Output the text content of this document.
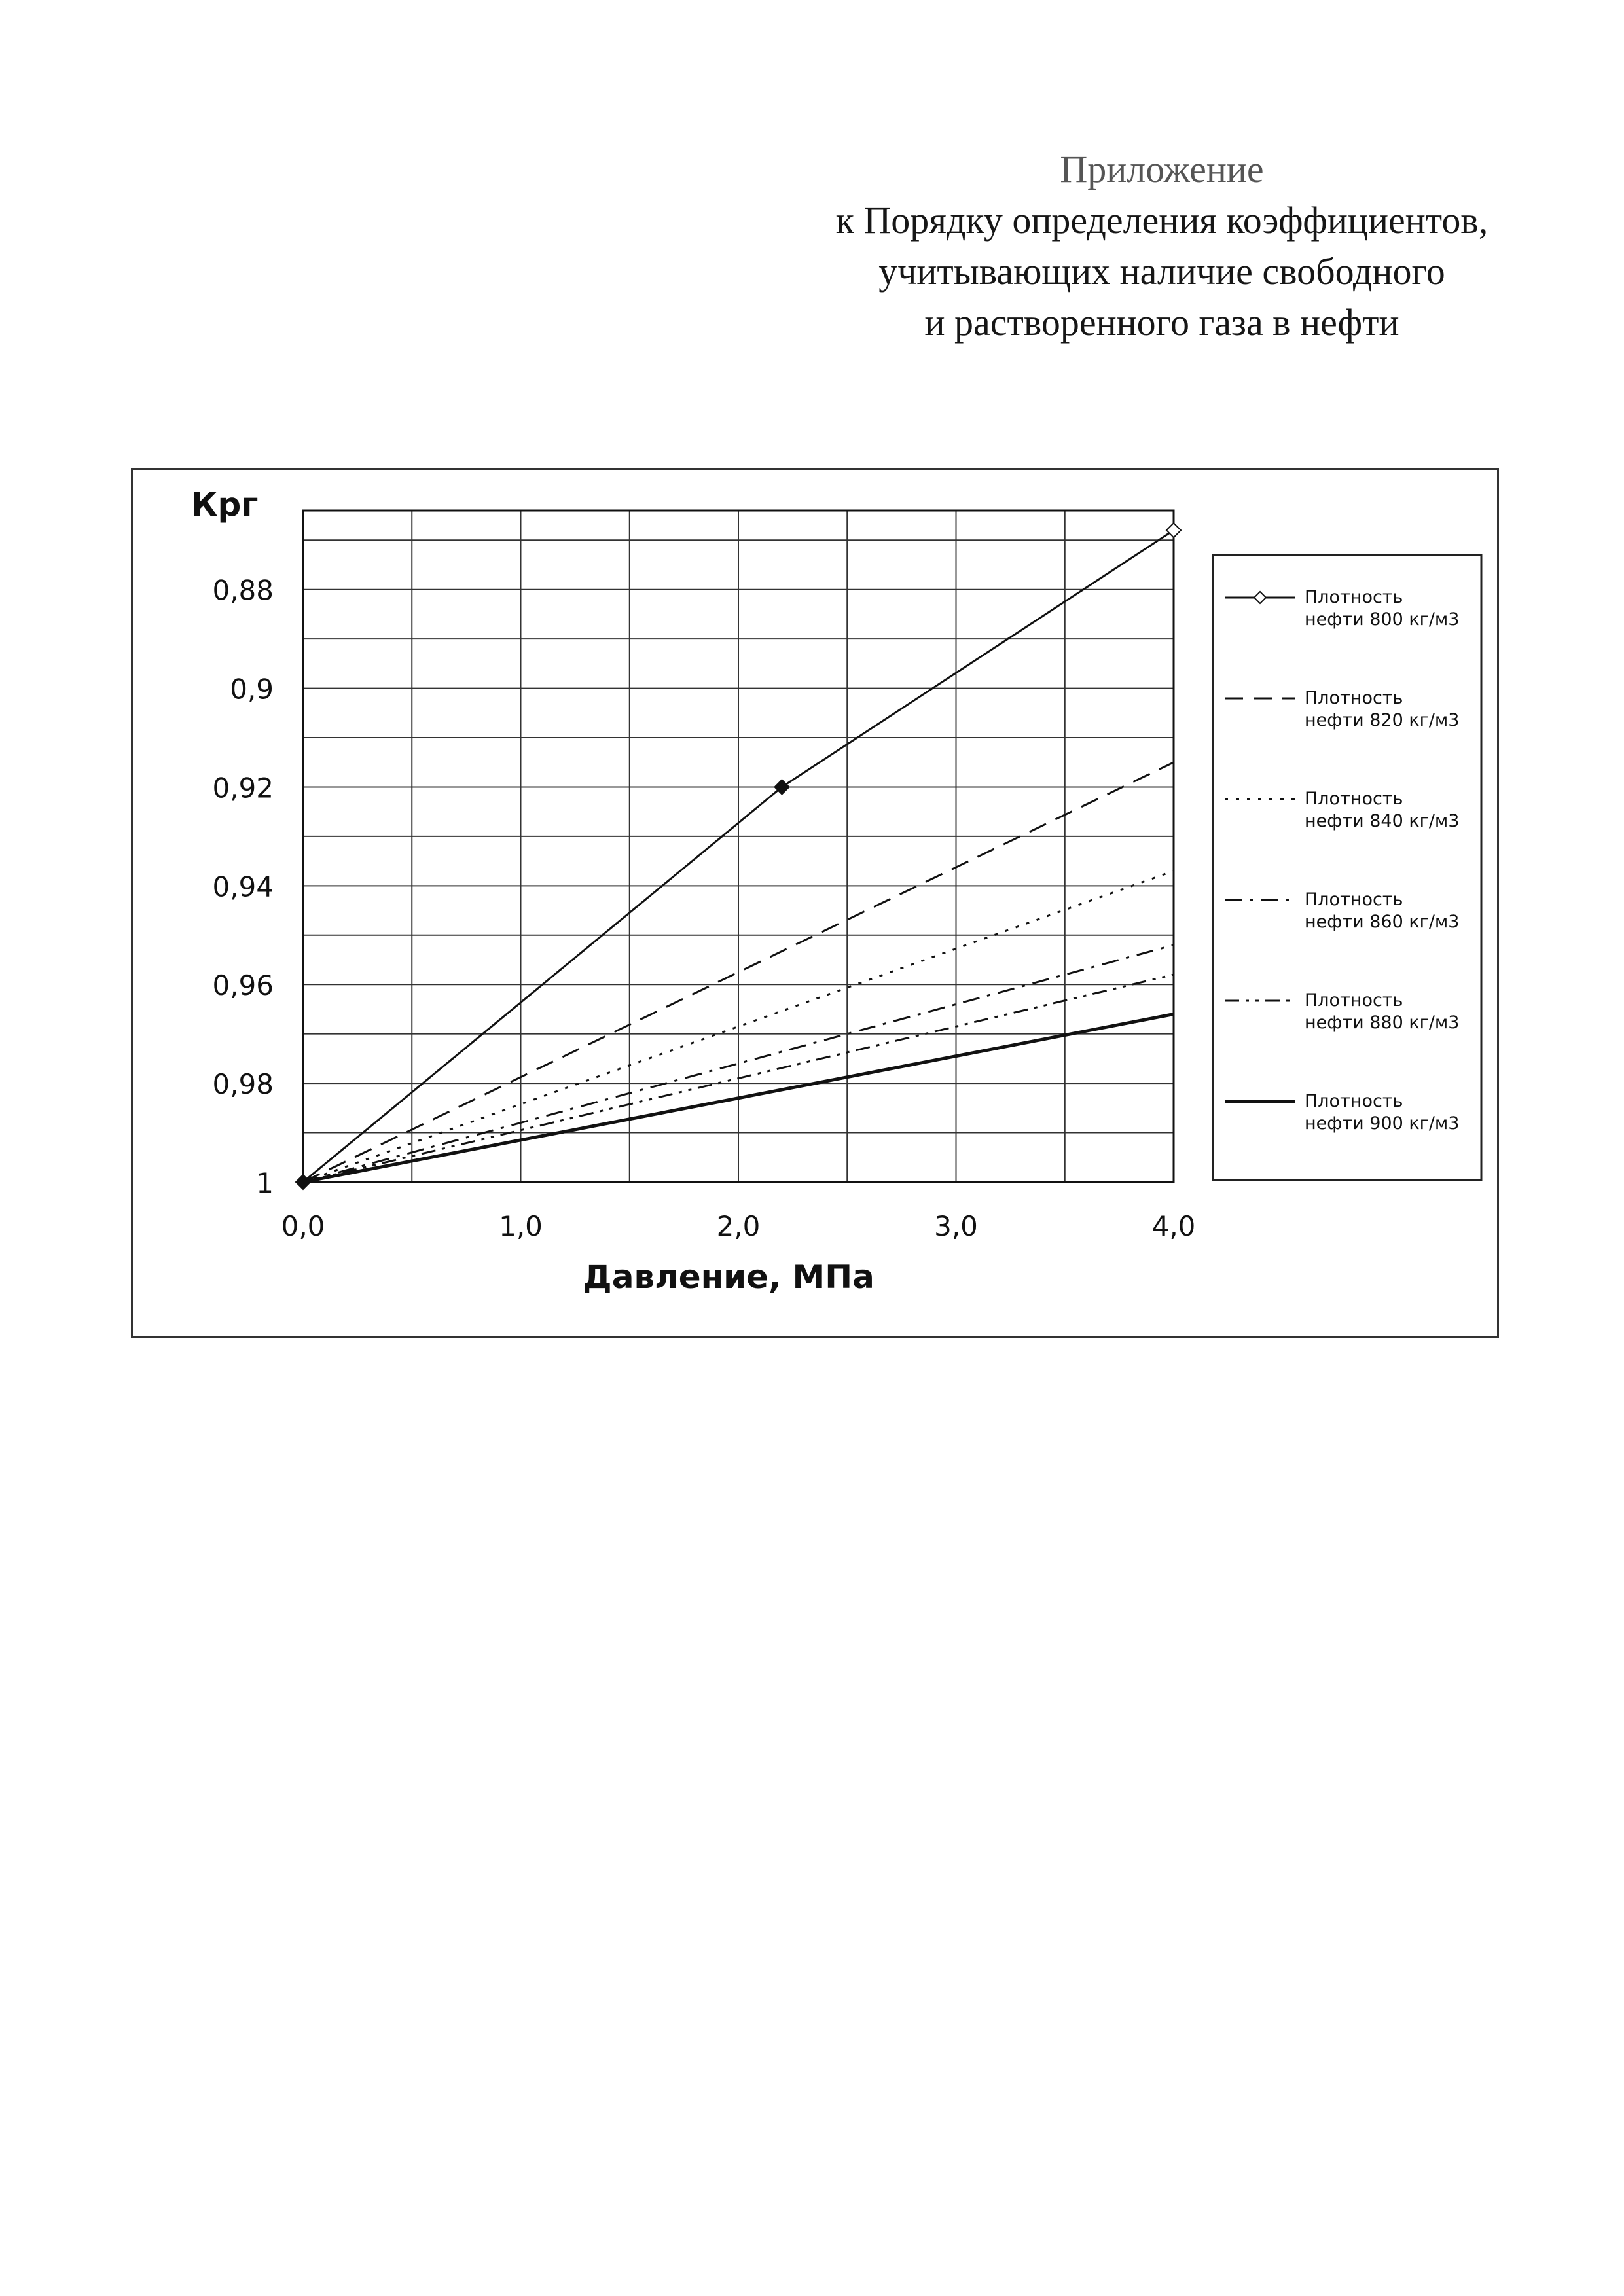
Приложение
к Порядку определения коэффициентов,
учитывающих наличие свободного
и растворенного газа в нефти
0,88
0,9
0,92
0,94
0,96
0,98
1
0,0	1,0	2,0	3,0	4,0
Крг
Давление, МПа
Плотность нефти 800 кг/м3
Плотность нефти 820 кг/м3
Плотность нефти 840 кг/м3
Плотность нефти 860 кг/м3
Плотность нефти 880 кг/м3
Плотность нефти 900 кг/м3
